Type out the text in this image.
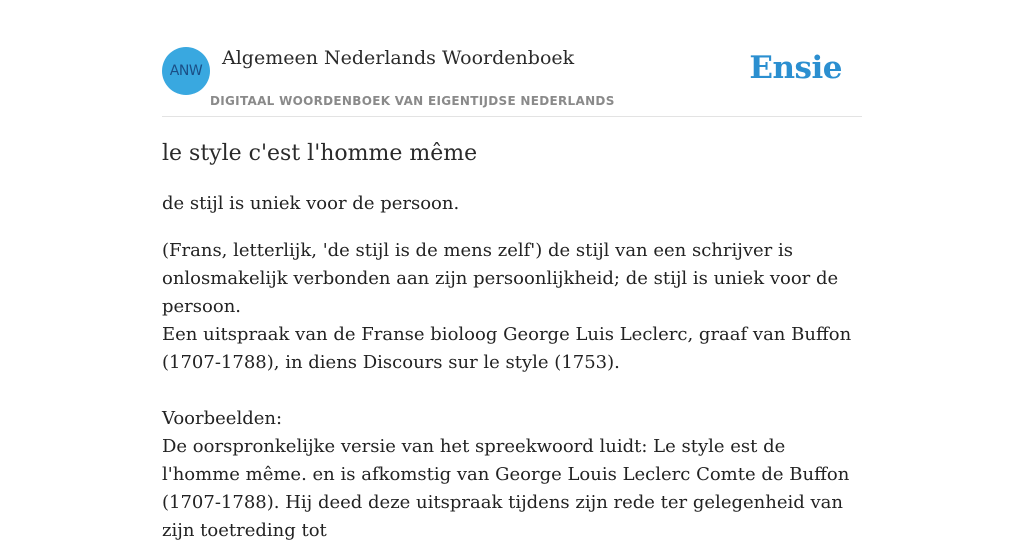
ANW
Algemeen Nederlands Woordenboek
DIGITAAL WOORDENBOEK VAN EIGENTIJDSE NEDERLANDS
Ensie
le style c'est l'homme même

de stijl is uniek voor de persoon.

(Frans, letterlijk, 'de stijl is de mens zelf') de stijl van een schrijver is onlosmakelijk verbonden aan zijn persoonlijkheid; de stijl is uniek voor de persoon.
Een uitspraak van de Franse bioloog George Luis Leclerc, graaf van Buffon (1707-1788), in diens Discours sur le style (1753).
Voorbeelden:
De oorspronkelijke versie van het spreekwoord luidt: Le style est de l'homme même. en is afkomstig van George Louis Leclerc Comte de Buffon (1707-1788). Hij deed deze uitspraak tijdens zijn rede ter gelegenheid van zijn toetreding tot
